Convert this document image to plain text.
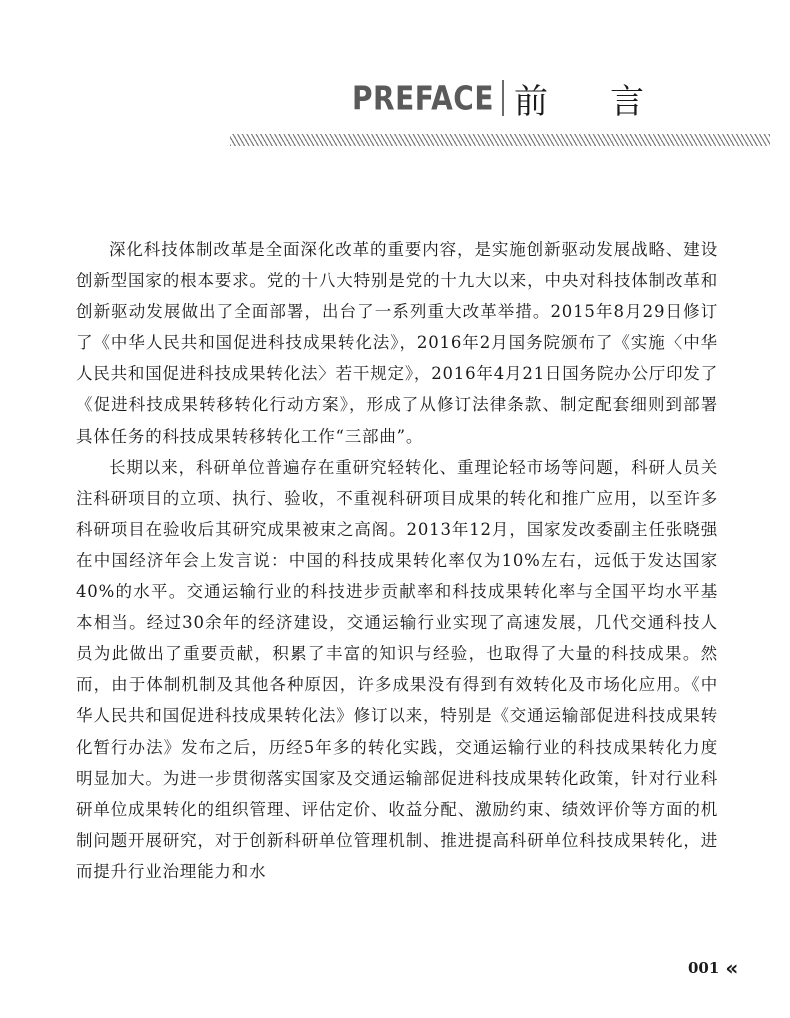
PREFACE 前言

深化科技体制改革是全面深化改革的重要内容，是实施创新驱动发展战略、建设创新型国家的根本要求。党的十八大特别是党的十九大以来，中央对科技体制改革和创新驱动发展做出了全面部署，出台了一系列重大改革举措。2015年8月29日修订了《中华人民共和国促进科技成果转化法》，2016年2月国务院颁布了《实施〈中华人民共和国促进科技成果转化法〉若干规定》，2016年4月21日国务院办公厅印发了《促进科技成果转移转化行动方案》，形成了从修订法律条款、制定配套细则到部署具体任务的科技成果转移转化工作“三部曲”。

长期以来，科研单位普遍存在重研究轻转化、重理论轻市场等问题，科研人员关注科研项目的立项、执行、验收，不重视科研项目成果的转化和推广应用，以至许多科研项目在验收后其研究成果被束之高阁。2013年12月，国家发改委副主任张晓强在中国经济年会上发言说：中国的科技成果转化率仅为10%左右，远低于发达国家40%的水平。交通运输行业的科技进步贡献率和科技成果转化率与全国平均水平基本相当。经过30余年的经济建设，交通运输行业实现了高速发展，几代交通科技人员为此做出了重要贡献，积累了丰富的知识与经验，也取得了大量的科技成果。然而，由于体制机制及其他各种原因，许多成果没有得到有效转化及市场化应用。《中华人民共和国促进科技成果转化法》修订以来，特别是《交通运输部促进科技成果转化暂行办法》发布之后，历经5年多的转化实践，交通运输行业的科技成果转化力度明显加大。为进一步贯彻落实国家及交通运输部促进科技成果转化政策，针对行业科研单位成果转化的组织管理、评估定价、收益分配、激励约束、绩效评价等方面的机制问题开展研究，对于创新科研单位管理机制、推进提高科研单位科技成果转化，进而提升行业治理能力和水

001 «
